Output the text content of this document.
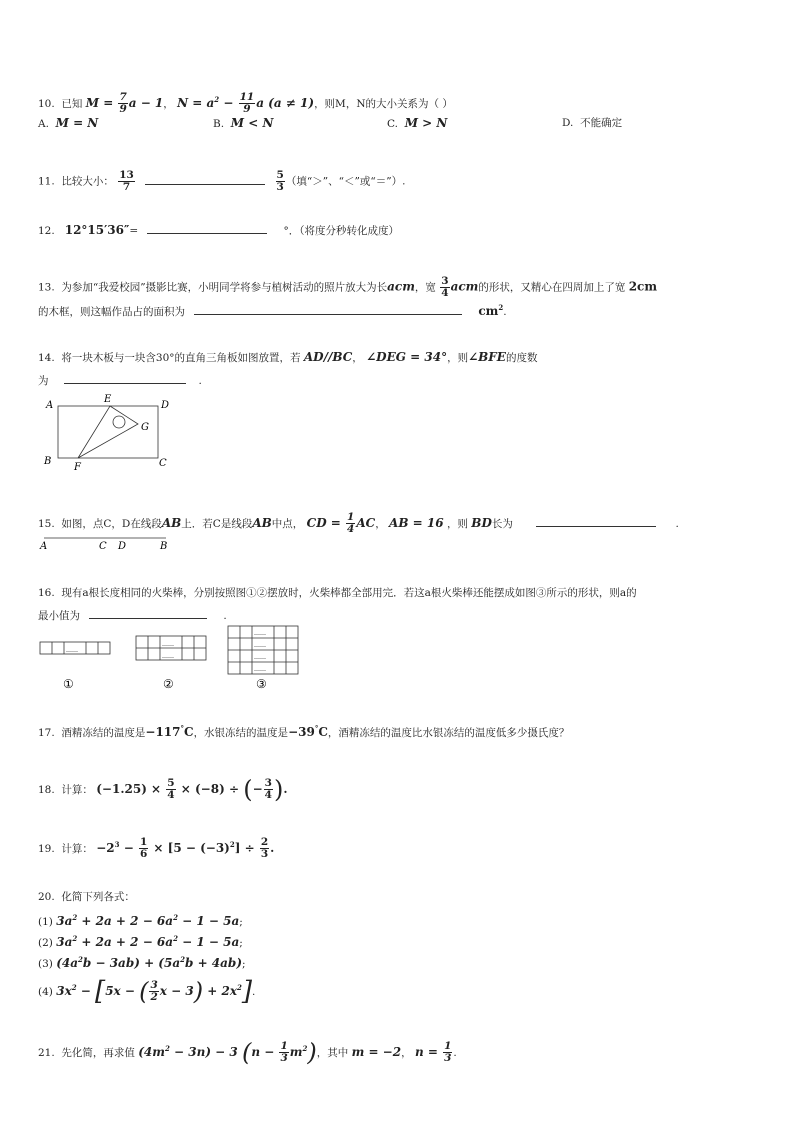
10. 已知 $M = \frac{7}{9}$ a − 1， $N = a^2 - \frac{11}{9}$ a (a ≠ 1)，则M，N的大小关系为（ ）
A. M = N	B. M < N	C. M > N	D. 不能确定
11. 比较大小： $\frac{13}{7}$
	$\frac{5}{3}$ （填“＞”、“＜”或“＝”）.
12. 12°15′36″=	°．（将度分秒转化成度）
13. 为参加“我爱校园”摄影比赛，小明同学将参与植树活动的照片放大为长acm，宽 $\frac{3}{4}$ acm的形状，又精心在四周加上了宽 2cm
的木框，则这幅作品占的面积为	$cm^2$.
14. 将一块木板与一块含30°的直角三角板如图放置，若 AD//BC， ∠DEG = 34°，则∠BFE的度数
为	.
A
E
D
G
B
F	C
15. 如图，点C，D在线段AB上．若C是线段AB中点， CD = $\frac{1}{4}$ AC， AB = 16 ，则 BD长为	.
A	C D	B
16. 现有a根长度相同的火柴棒，分别按照图①②摆放时，火柴棒都全部用完．若这a根火柴棒还能摆成如图③所示的形状，则a的
最小值为	.
……
……
……
……
……
……
……
①	②	③
17. 酒精冻结的温度是−117°C，水银冻结的温度是−39°C，酒精冻结的温度比水银冻结的温度低多少摄氏度？
18. 计算： $(-1.25) \times \frac{5}{4} \times (-8)$ ÷ (− $\frac{3}{4}$ ).
19. 计算： $-2^3 - \frac{1}{6} \times [5 - (-3)^2] \div \frac{2}{3}$ .
20. 化简下列各式：
(1) $3a^2 + 2a + 2 - 6a^2 - 1 - 5a$;
(2) $3a^2 + 2a + 2 - 6a^2 - 1 - 5a$;
(3) $(4a^2b - 3ab) + (5a^2b + 4ab)$;
(4) $3x^2 - [5x$ − ( $\frac{3}{2}$ $x - 3) + 2x^2$].
21. 先化简，再求值 $(4m^2 - 3n) - 3$ $(n - \frac{1}{3} m^2)$，其中 m = −2， $n = \frac{1}{3}$ .
